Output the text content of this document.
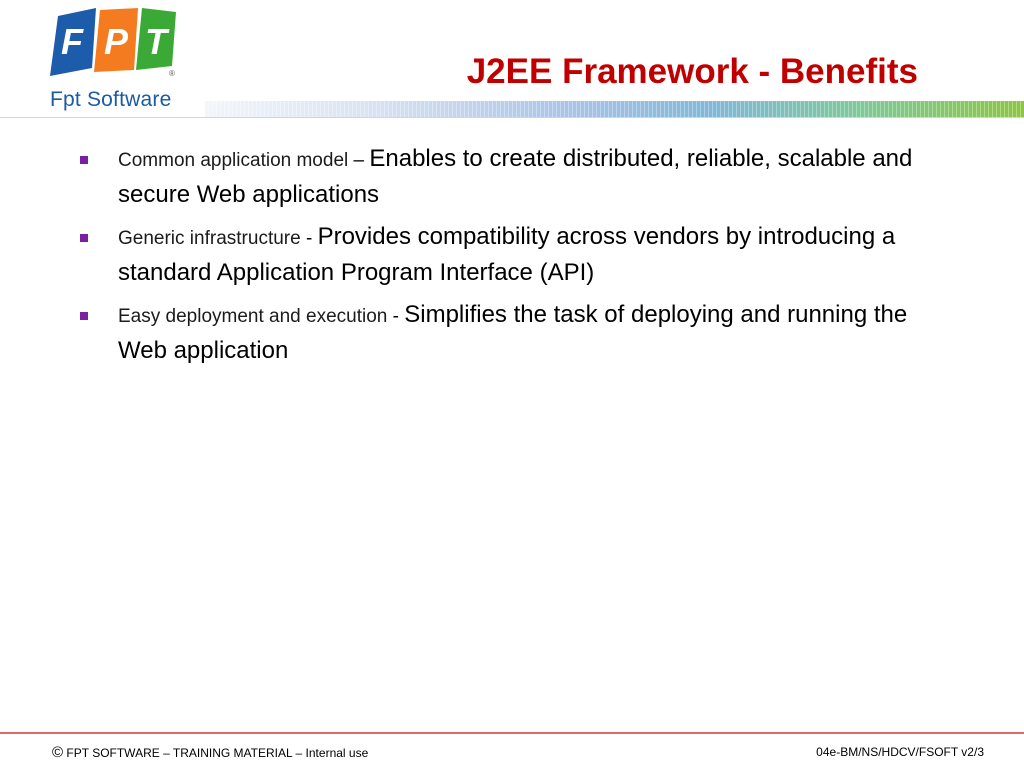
F P T
®
Fpt Software
J2EE Framework - Benefits
Common application model – Enables to create distributed, reliable, scalable and secure Web applications
Generic infrastructure - Provides compatibility across vendors by introducing a standard Application Program Interface (API)
Easy deployment and execution - Simplifies the task of deploying and running the Web application
© FPT SOFTWARE – TRAINING MATERIAL – Internal use	04e-BM/NS/HDCV/FSOFT v2/3
